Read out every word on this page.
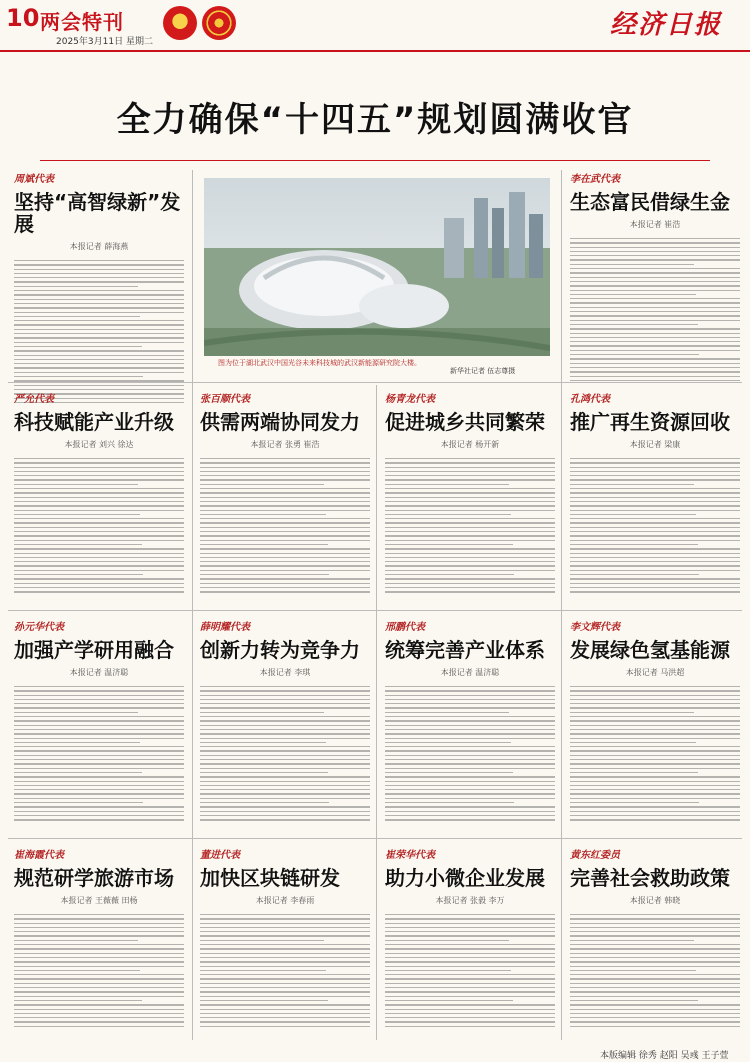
10 两会特刊
2025年3月11日 星期二
经济日报
全力确保“十四五”规划圆满收官
图为位于湖北武汉中国光谷未来科技城的武汉新能源研究院大楼。
新华社记者 伍志尊摄
周斌代表
坚持“高智绿新”发展
本报记者 薛海燕
李在武代表
生态富民借绿生金
本报记者 崔浩
严允代表
科技赋能产业升级
本报记者 刘兴 徐达
张百顺代表
供需两端协同发力
本报记者 张勇 崔浩
杨青龙代表
促进城乡共同繁荣
本报记者 杨开新
孔鸿代表
推广再生资源回收
本报记者 梁康
孙元华代表
加强产学研用融合
本报记者 温济聪
薛明耀代表
创新力转为竞争力
本报记者 李琪
邢鹏代表
统筹完善产业体系
本报记者 温济聪
李文辉代表
发展绿色氢基能源
本报记者 马洪超
崔海霞代表
规范研学旅游市场
本报记者 王薇薇 田杨
董进代表
加快区块链研发
本报记者 李春雨
崔荣华代表
助力小微企业发展
本报记者 张毅 李万
黄东红委员
完善社会救助政策
本报记者 韩晓
本版编辑 徐秀 赵阳 吴彧 王子萱
